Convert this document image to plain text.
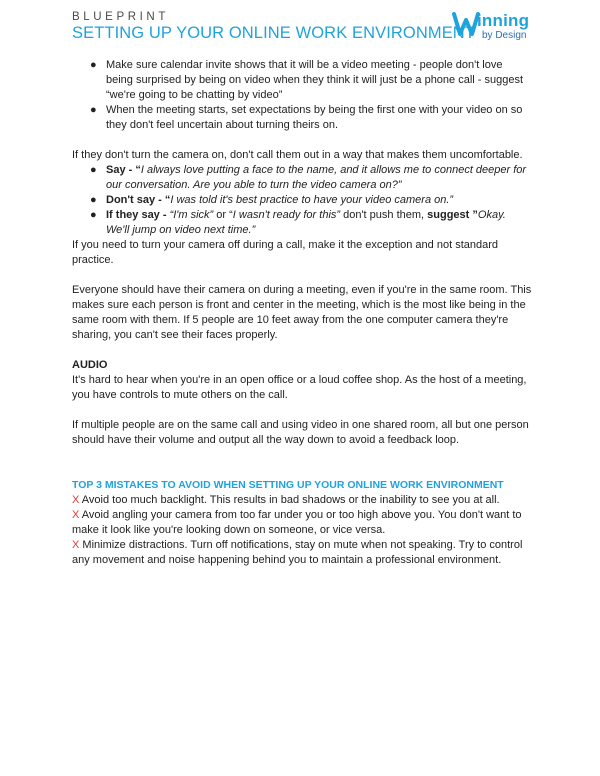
BLUEPRINT
SETTING UP YOUR ONLINE WORK ENVIRONMENT
inning
by Design
● Make sure calendar invite shows that it will be a video meeting - people don't love being surprised by being on video when they think it will just be a phone call - suggest “we're going to be chatting by video”
● When the meeting starts, set expectations by being the first one with your video on so they don't feel uncertain about turning theirs on.
If they don't turn the camera on, don't call them out in a way that makes them uncomfortable.
● Say - “I always love putting a face to the name, and it allows me to connect deeper for our conversation. Are you able to turn the video camera on?”
● Don't say - “I was told it's best practice to have your video camera on.”
● If they say - “I'm sick” or “I wasn't ready for this” don't push them, suggest ”Okay. We'll jump on video next time.”
If you need to turn your camera off during a call, make it the exception and not standard practice.
Everyone should have their camera on during a meeting, even if you're in the same room. This makes sure each person is front and center in the meeting, which is the most like being in the same room with them. If 5 people are 10 feet away from the one computer camera they're sharing, you can't see their faces properly.
AUDIO
It's hard to hear when you're in an open office or a loud coffee shop. As the host of a meeting, you have controls to mute others on the call.
If multiple people are on the same call and using video in one shared room, all but one person should have their volume and output all the way down to avoid a feedback loop.
TOP 3 MISTAKES TO AVOID WHEN SETTING UP YOUR ONLINE WORK ENVIRONMENT
X Avoid too much backlight. This results in bad shadows or the inability to see you at all.
X Avoid angling your camera from too far under you or too high above you. You don't want to make it look like you're looking down on someone, or vice versa.
X Minimize distractions. Turn off notifications, stay on mute when not speaking. Try to control any movement and noise happening behind you to maintain a professional environment.
